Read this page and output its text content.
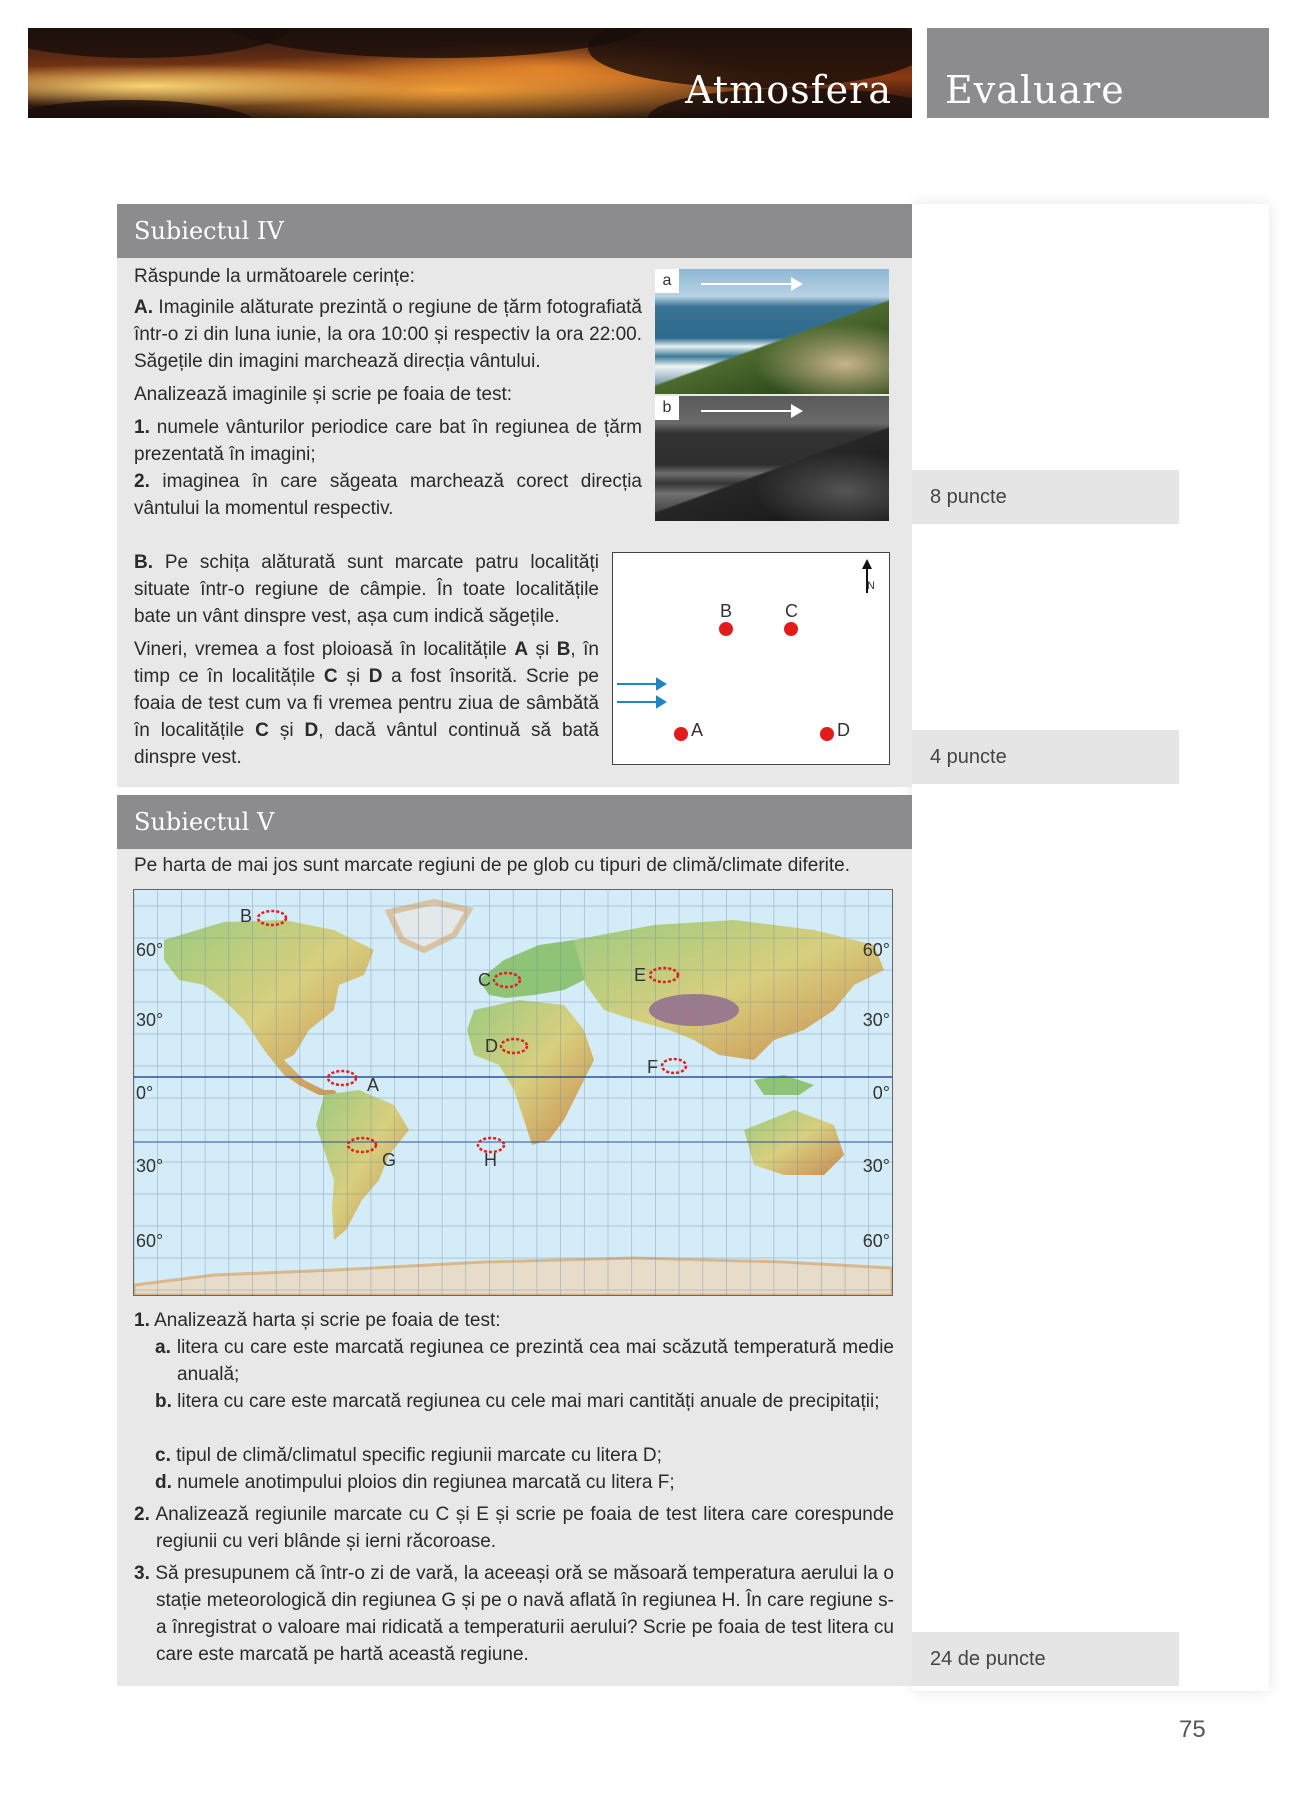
Atmosfera Evaluare
Subiectul IV
Răspunde la următoarele cerințe:

A. Imaginile alăturate prezintă o regiune de țărm fotografiată într-o zi din luna iunie, la ora 10:00 și respectiv la ora 22:00. Săgețile din imagini marchează direcția vântului.

Analizează imaginile și scrie pe foaia de test:

1. numele vânturilor periodice care bat în regiunea de țărm prezentată în imagini;

2. imaginea în care săgeata marchează corect direcția vântului la momentul respectiv.

a
b
8 puncte

B. Pe schița alăturată sunt marcate patru localități situate într-o regiune de câmpie. În toate localitățile bate un vânt dinspre vest, așa cum indică săgețile.

Vineri, vremea a fost ploioasă în localitățile A și B, în timp ce în localitățile C și D a fost însorită. Scrie pe foaia de test cum va fi vremea pentru ziua de sâmbătă în localitățile C și D, dacă vântul continuă să bată dinspre vest.

N
B	C
A	D
4 puncte
Subiectul V
Pe harta de mai jos sunt marcate regiuni de pe glob cu tipuri de climă/climate diferite.
B
C	E
D
F
A
G	H
60°
30°
0°
30°
60°
60°
30°
0°
30°
60°
1. Analizează harta și scrie pe foaia de test:
a. litera cu care este marcată regiunea ce prezintă cea mai scăzută temperatură medie anuală;
b. litera cu care este marcată regiunea cu cele mai mari cantități anuale de precipitații;
c. tipul de climă/climatul specific regiunii marcate cu litera D;
d. numele anotimpului ploios din regiunea marcată cu litera F;
2. Analizează regiunile marcate cu C și E și scrie pe foaia de test litera care corespunde regiunii cu veri blânde și ierni răcoroase.
3. Să presupunem că într-o zi de vară, la aceeași oră se măsoară temperatura aerului la o stație meteorologică din regiunea G și pe o navă aflată în regiunea H. În care regiune s-a înregistrat o valoare mai ridicată a temperaturii aerului? Scrie pe foaia de test litera cu care este marcată pe hartă această regiune.	24 de puncte
75
